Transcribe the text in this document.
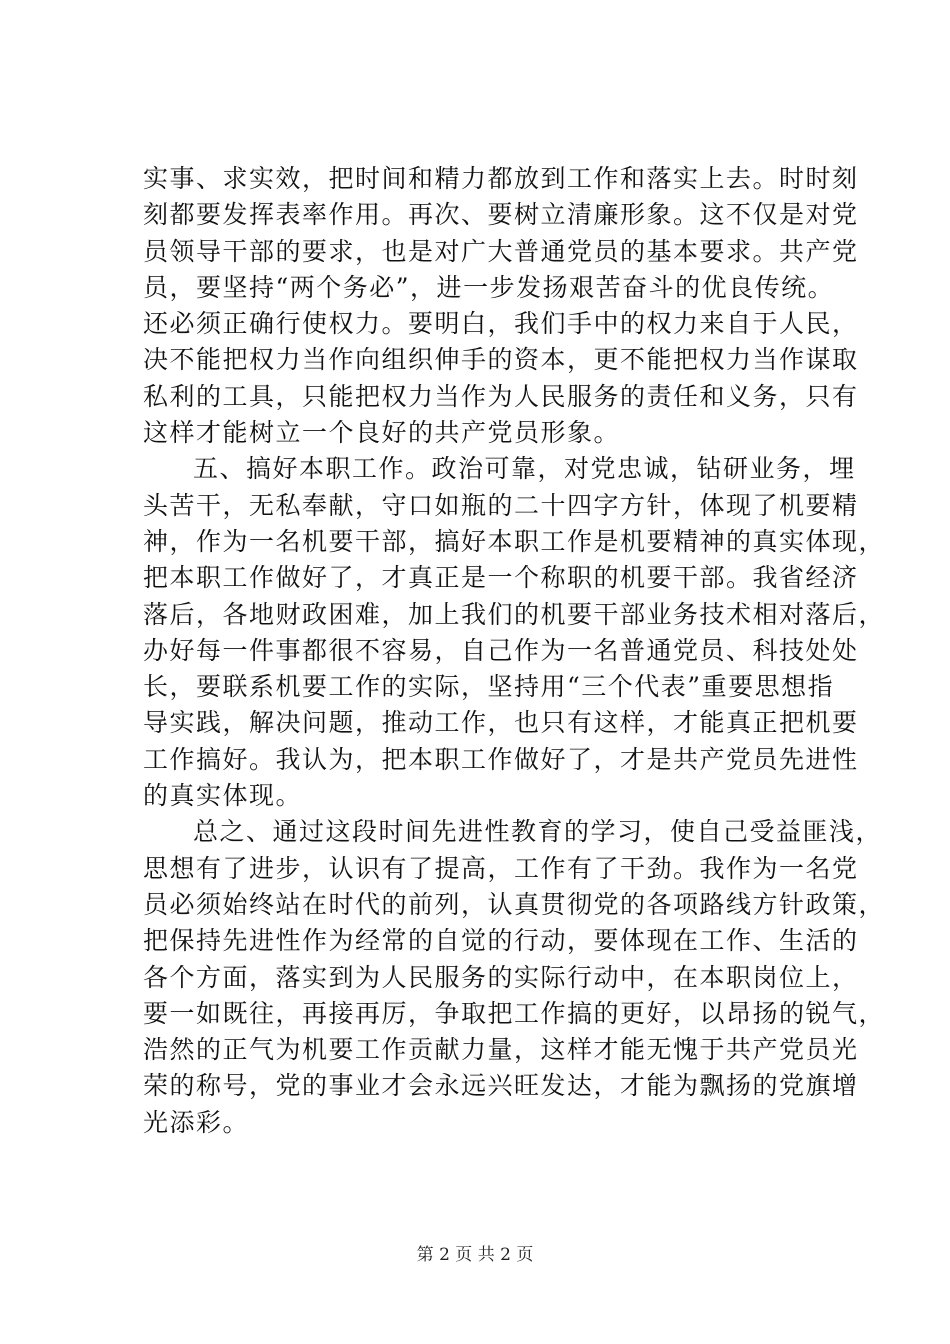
实事、求实效，把时间和精力都放到工作和落实上去。时时刻
刻都要发挥表率作用。再次、要树立清廉形象。这不仅是对党
员领导干部的要求，也是对广大普通党员的基本要求。共产党
员，要坚持“两个务必”，进一步发扬艰苦奋斗的优良传统。
还必须正确行使权力。要明白，我们手中的权力来自于人民，
决不能把权力当作向组织伸手的资本，更不能把权力当作谋取
私利的工具，只能把权力当作为人民服务的责任和义务，只有
这样才能树立一个良好的共产党员形象。
五、搞好本职工作。政治可靠，对党忠诚，钻研业务，埋
头苦干，无私奉献，守口如瓶的二十四字方针，体现了机要精
神，作为一名机要干部，搞好本职工作是机要精神的真实体现，
把本职工作做好了，才真正是一个称职的机要干部。我省经济
落后，各地财政困难，加上我们的机要干部业务技术相对落后，
办好每一件事都很不容易，自己作为一名普通党员、科技处处
长，要联系机要工作的实际，坚持用“三个代表”重要思想指
导实践，解决问题，推动工作，也只有这样，才能真正把机要
工作搞好。我认为，把本职工作做好了，才是共产党员先进性
的真实体现。
总之、通过这段时间先进性教育的学习，使自己受益匪浅，
思想有了进步，认识有了提高，工作有了干劲。我作为一名党
员必须始终站在时代的前列，认真贯彻党的各项路线方针政策，
把保持先进性作为经常的自觉的行动，要体现在工作、生活的
各个方面，落实到为人民服务的实际行动中，在本职岗位上，
要一如既往，再接再厉，争取把工作搞的更好，以昂扬的锐气，
浩然的正气为机要工作贡献力量，这样才能无愧于共产党员光
荣的称号，党的事业才会永远兴旺发达，才能为飘扬的党旗增
光添彩。
第 2 页 共 2 页
